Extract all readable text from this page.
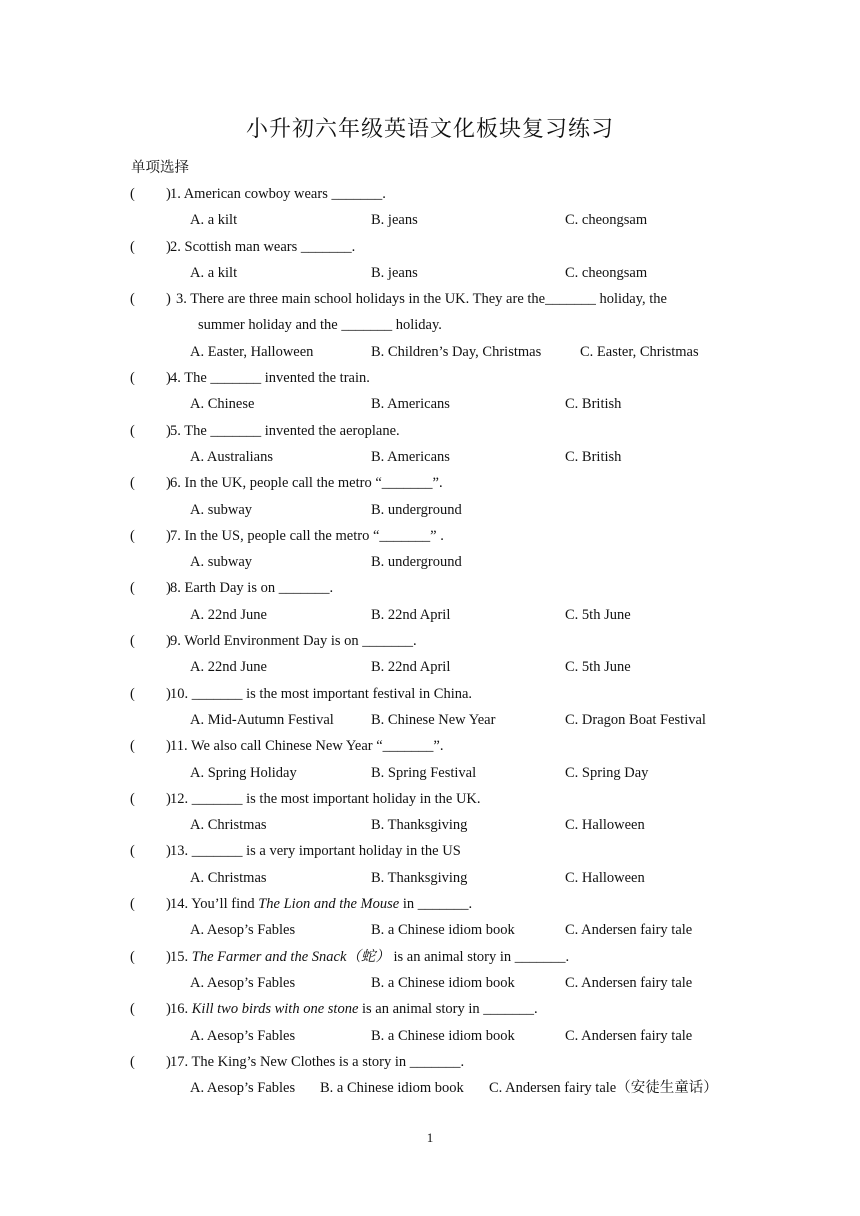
小升初六年级英语文化板块复习练习
单项选择
( ) 1. American cowboy wears _______.
A. a kilt	B. jeans	C. cheongsam
( ) 2. Scottish man wears _______.
A. a kilt	B. jeans	C. cheongsam
( ) 3. There are three main school holidays in the UK. They are the_______ holiday, the
summer holiday and the _______ holiday.
A. Easter, Halloween	B. Children’s Day, Christmas	C. Easter, Christmas
( ) 4. The _______ invented the train.
A. Chinese	B. Americans	C. British
( ) 5. The _______ invented the aeroplane.
A. Australians	B. Americans	C. British
( ) 6. In the UK, people call the metro “_______”.
A. subway	B. underground
( ) 7. In the US, people call the metro “_______” .
A. subway	B. underground
( ) 8. Earth Day is on _______.
A. 22nd June	B. 22nd April	C. 5th June
( ) 9. World Environment Day is on _______.
A. 22nd June	B. 22nd April	C. 5th June
( ) 10. _______ is the most important festival in China.
A. Mid-Autumn Festival	B. Chinese New Year	C. Dragon Boat Festival
( ) 11. We also call Chinese New Year “_______”.
A. Spring Holiday	B. Spring Festival	C. Spring Day
( ) 12. _______ is the most important holiday in the UK.
A. Christmas	B. Thanksgiving	C. Halloween
( ) 13. _______ is a very important holiday in the US
A. Christmas	B. Thanksgiving	C. Halloween
( ) 14. You’ll find The Lion and the Mouse in _______.
A. Aesop’s Fables	B. a Chinese idiom book	C. Andersen fairy tale
( ) 15. The Farmer and the Snack（蛇） is an animal story in _______.
A. Aesop’s Fables	B. a Chinese idiom book	C. Andersen fairy tale
( ) 16. Kill two birds with one stone is an animal story in _______.
A. Aesop’s Fables	B. a Chinese idiom book	C. Andersen fairy tale
( ) 17. The King’s New Clothes is a story in _______.
A. Aesop’s Fables B. a Chinese idiom book C. Andersen fairy tale（安徒生童话）
1
